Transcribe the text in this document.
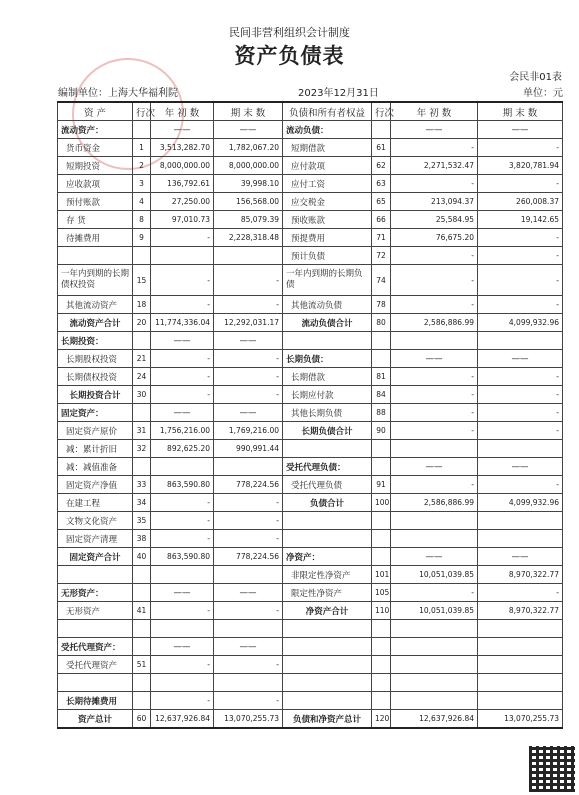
民间非营利组织会计制度
资产负债表
会民非01表
编制单位：上海大华福利院	2023年12月31日	单位：元
资 产	行次	年 初 数	期 末 数	负债和所有者权益	行次	年 初 数	期 末 数
流动资产：		——	——	流动负债：		——	——
货币资金	1	3,513,282.70	1,782,067.20	短期借款	61	-	-
短期投资	2	8,000,000.00	8,000,000.00	应付款项	62	2,271,532.47	3,820,781.94
应收款项	3	136,792.61	39,998.10	应付工资	63	-	-
预付账款	4	27,250.00	156,568.00	应交税金	65	213,094.37	260,008.37
存 货	8	97,010.73	85,079.39	预收账款	66	25,584.95	19,142.65
待摊费用	9	-	2,228,318.48	预提费用	71	76,675.20	-
				预计负债	72	-	-
一年内到期的长期债权投资	15	-	-	一年内到期的长期负债	74	-	-
其他流动资产	18	-	-	其他流动负债	78	-	-
流动资产合计	20	11,774,336.04	12,292,031.17	流动负债合计	80	2,586,886.99	4,099,932.96
长期投资：		——	——				
长期股权投资	21	-	-	长期负债：		——	——
长期债权投资	24	-	-	长期借款	81	-	-
长期投资合计	30	-	-	长期应付款	84	-	-
固定资产：		——	——	其他长期负债	88	-	-
固定资产原价	31	1,756,216.00	1,769,216.00	长期负债合计	90	-	-
减：累计折旧	32	892,625.20	990,991.44				
减：减值准备				受托代理负债：		——	——
固定资产净值	33	863,590.80	778,224.56	受托代理负债	91	-	-
在建工程	34	-	-	负债合计	100	2,586,886.99	4,099,932.96
文物文化资产	35	-	-				
固定资产清理	38	-	-				
固定资产合计	40	863,590.80	778,224.56	净资产：		——	——
				非限定性净资产	101	10,051,039.85	8,970,322.77
无形资产：		——	——	限定性净资产	105	-	-
无形资产	41	-	-	净资产合计	110	10,051,039.85	8,970,322.77

受托代理资产：		——	——				
受托代理资产	51	-	-				

长期待摊费用		-	-				
资产总计	60	12,637,926.84	13,070,255.73	负债和净资产总计	120	12,637,926.84	13,070,255.73
